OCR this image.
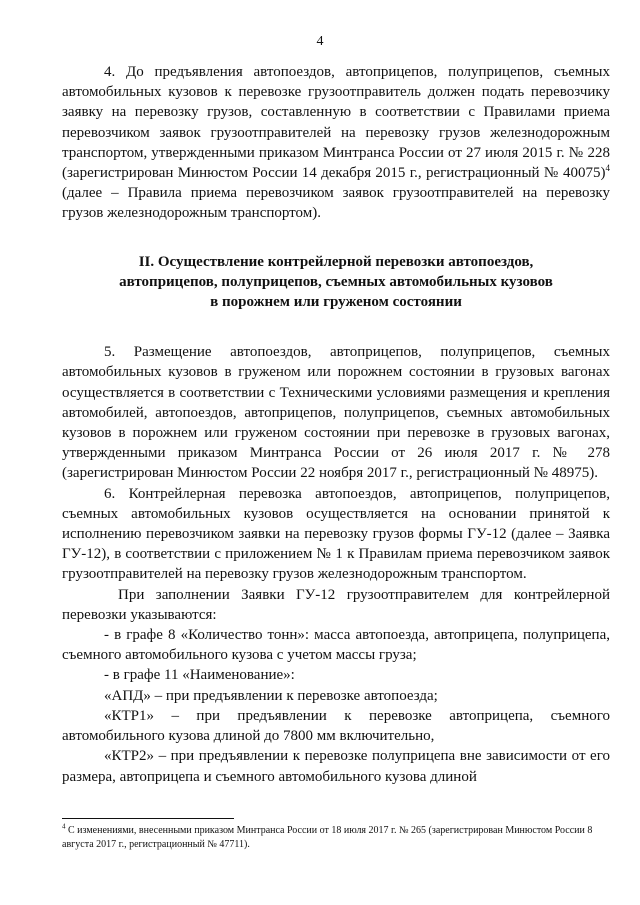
4

4. До предъявления автопоездов, автоприцепов, полуприцепов, съемных автомобильных кузовов к перевозке грузоотправитель должен подать перевозчику заявку на перевозку грузов, составленную в соответствии с Правилами приема перевозчиком заявок грузоотправителей на перевозку грузов железнодорожным транспортом, утвержденными приказом Минтранса России от 27 июля 2015 г. № 228 (зарегистрирован Минюстом России 14 декабря 2015 г., регистрационный № 40075)$^4$ (далее – Правила приема перевозчиком заявок грузоотправителей на перевозку грузов железнодорожным транспортом).

II. Осуществление контрейлерной перевозки автопоездов,
автоприцепов, полуприцепов, съемных автомобильных кузовов
в порожнем или груженом состоянии

5. Размещение автопоездов, автоприцепов, полуприцепов, съемных автомобильных кузовов в груженом или порожнем состоянии в грузовых вагонах осуществляется в соответствии с Техническими условиями размещения и крепления автомобилей, автопоездов, автоприцепов, полуприцепов, съемных автомобильных кузовов в порожнем или груженом состоянии при перевозке в грузовых вагонах, утвержденными приказом Минтранса России от 26 июля 2017 г. № 278 (зарегистрирован Минюстом России 22 ноября 2017 г., регистрационный № 48975).

6. Контрейлерная перевозка автопоездов, автоприцепов, полуприцепов, съемных автомобильных кузовов осуществляется на основании принятой к исполнению перевозчиком заявки на перевозку грузов формы ГУ-12 (далее – Заявка ГУ-12), в соответствии с приложением № 1 к Правилам приема перевозчиком заявок грузоотправителей на перевозку грузов железнодорожным транспортом.

При заполнении Заявки ГУ-12 грузоотправителем для контрейлерной перевозки указываются:

- в графе 8 «Количество тонн»: масса автопоезда, автоприцепа, полуприцепа, съемного автомобильного кузова с учетом массы груза;

- в графе 11 «Наименование»:

«АПД» – при предъявлении к перевозке автопоезда;

«КТР1» – при предъявлении к перевозке автоприцепа, съемного автомобильного кузова длиной до 7800 мм включительно,

«КТР2» – при предъявлении к перевозке полуприцепа вне зависимости от его размера, автоприцепа и съемного автомобильного кузова длиной

$^4$ С изменениями, внесенными приказом Минтранса России от 18 июля 2017 г. № 265 (зарегистрирован Минюстом России 8 августа 2017 г., регистрационный № 47711).
